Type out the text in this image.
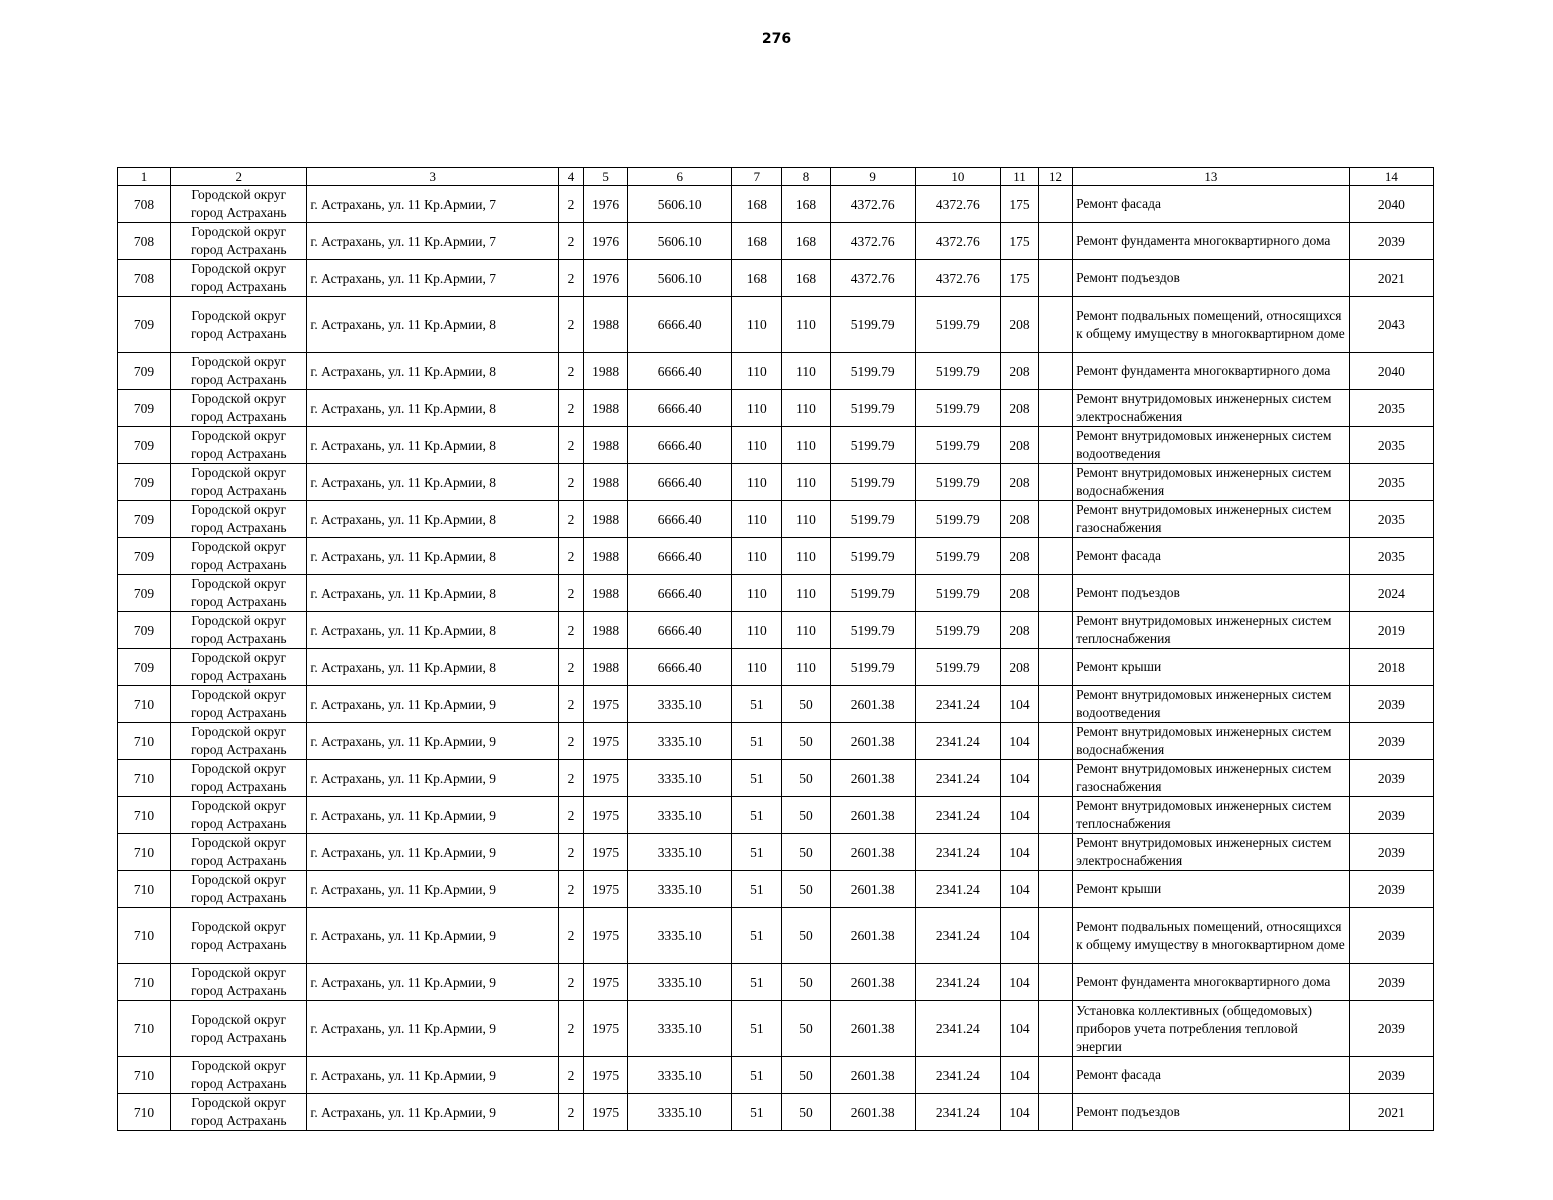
276
1	2	3	4	5	6	7	8	9	10	11	12	13	14
708	Городской округ город Астрахань	г. Астрахань, ул. 11 Кр.Армии, 7	2	1976	5606.10	168	168	4372.76	4372.76	175		Ремонт фасада	2040
708	Городской округ город Астрахань	г. Астрахань, ул. 11 Кр.Армии, 7	2	1976	5606.10	168	168	4372.76	4372.76	175		Ремонт фундамента многоквартирного дома	2039
708	Городской округ город Астрахань	г. Астрахань, ул. 11 Кр.Армии, 7	2	1976	5606.10	168	168	4372.76	4372.76	175		Ремонт подъездов	2021
709	Городской округ город Астрахань	г. Астрахань, ул. 11 Кр.Армии, 8	2	1988	6666.40	110	110	5199.79	5199.79	208		Ремонт подвальных помещений, относящихся к общему имуществу в многоквартирном доме	2043
709	Городской округ город Астрахань	г. Астрахань, ул. 11 Кр.Армии, 8	2	1988	6666.40	110	110	5199.79	5199.79	208		Ремонт фундамента многоквартирного дома	2040
709	Городской округ город Астрахань	г. Астрахань, ул. 11 Кр.Армии, 8	2	1988	6666.40	110	110	5199.79	5199.79	208		Ремонт внутридомовых инженерных систем электроснабжения	2035
709	Городской округ город Астрахань	г. Астрахань, ул. 11 Кр.Армии, 8	2	1988	6666.40	110	110	5199.79	5199.79	208		Ремонт внутридомовых инженерных систем водоотведения	2035
709	Городской округ город Астрахань	г. Астрахань, ул. 11 Кр.Армии, 8	2	1988	6666.40	110	110	5199.79	5199.79	208		Ремонт внутридомовых инженерных систем водоснабжения	2035
709	Городской округ город Астрахань	г. Астрахань, ул. 11 Кр.Армии, 8	2	1988	6666.40	110	110	5199.79	5199.79	208		Ремонт внутридомовых инженерных систем газоснабжения	2035
709	Городской округ город Астрахань	г. Астрахань, ул. 11 Кр.Армии, 8	2	1988	6666.40	110	110	5199.79	5199.79	208		Ремонт фасада	2035
709	Городской округ город Астрахань	г. Астрахань, ул. 11 Кр.Армии, 8	2	1988	6666.40	110	110	5199.79	5199.79	208		Ремонт подъездов	2024
709	Городской округ город Астрахань	г. Астрахань, ул. 11 Кр.Армии, 8	2	1988	6666.40	110	110	5199.79	5199.79	208		Ремонт внутридомовых инженерных систем теплоснабжения	2019
709	Городской округ город Астрахань	г. Астрахань, ул. 11 Кр.Армии, 8	2	1988	6666.40	110	110	5199.79	5199.79	208		Ремонт крыши	2018
710	Городской округ город Астрахань	г. Астрахань, ул. 11 Кр.Армии, 9	2	1975	3335.10	51	50	2601.38	2341.24	104		Ремонт внутридомовых инженерных систем водоотведения	2039
710	Городской округ город Астрахань	г. Астрахань, ул. 11 Кр.Армии, 9	2	1975	3335.10	51	50	2601.38	2341.24	104		Ремонт внутридомовых инженерных систем водоснабжения	2039
710	Городской округ город Астрахань	г. Астрахань, ул. 11 Кр.Армии, 9	2	1975	3335.10	51	50	2601.38	2341.24	104		Ремонт внутридомовых инженерных систем газоснабжения	2039
710	Городской округ город Астрахань	г. Астрахань, ул. 11 Кр.Армии, 9	2	1975	3335.10	51	50	2601.38	2341.24	104		Ремонт внутридомовых инженерных систем теплоснабжения	2039
710	Городской округ город Астрахань	г. Астрахань, ул. 11 Кр.Армии, 9	2	1975	3335.10	51	50	2601.38	2341.24	104		Ремонт внутридомовых инженерных систем электроснабжения	2039
710	Городской округ город Астрахань	г. Астрахань, ул. 11 Кр.Армии, 9	2	1975	3335.10	51	50	2601.38	2341.24	104		Ремонт крыши	2039
710	Городской округ город Астрахань	г. Астрахань, ул. 11 Кр.Армии, 9	2	1975	3335.10	51	50	2601.38	2341.24	104		Ремонт подвальных помещений, относящихся к общему имуществу в многоквартирном доме	2039
710	Городской округ город Астрахань	г. Астрахань, ул. 11 Кр.Армии, 9	2	1975	3335.10	51	50	2601.38	2341.24	104		Ремонт фундамента многоквартирного дома	2039
710	Городской округ город Астрахань	г. Астрахань, ул. 11 Кр.Армии, 9	2	1975	3335.10	51	50	2601.38	2341.24	104		Установка коллективных (общедомовых) приборов учета потребления тепловой энергии	2039
710	Городской округ город Астрахань	г. Астрахань, ул. 11 Кр.Армии, 9	2	1975	3335.10	51	50	2601.38	2341.24	104		Ремонт фасада	2039
710	Городской округ город Астрахань	г. Астрахань, ул. 11 Кр.Армии, 9	2	1975	3335.10	51	50	2601.38	2341.24	104		Ремонт подъездов	2021
